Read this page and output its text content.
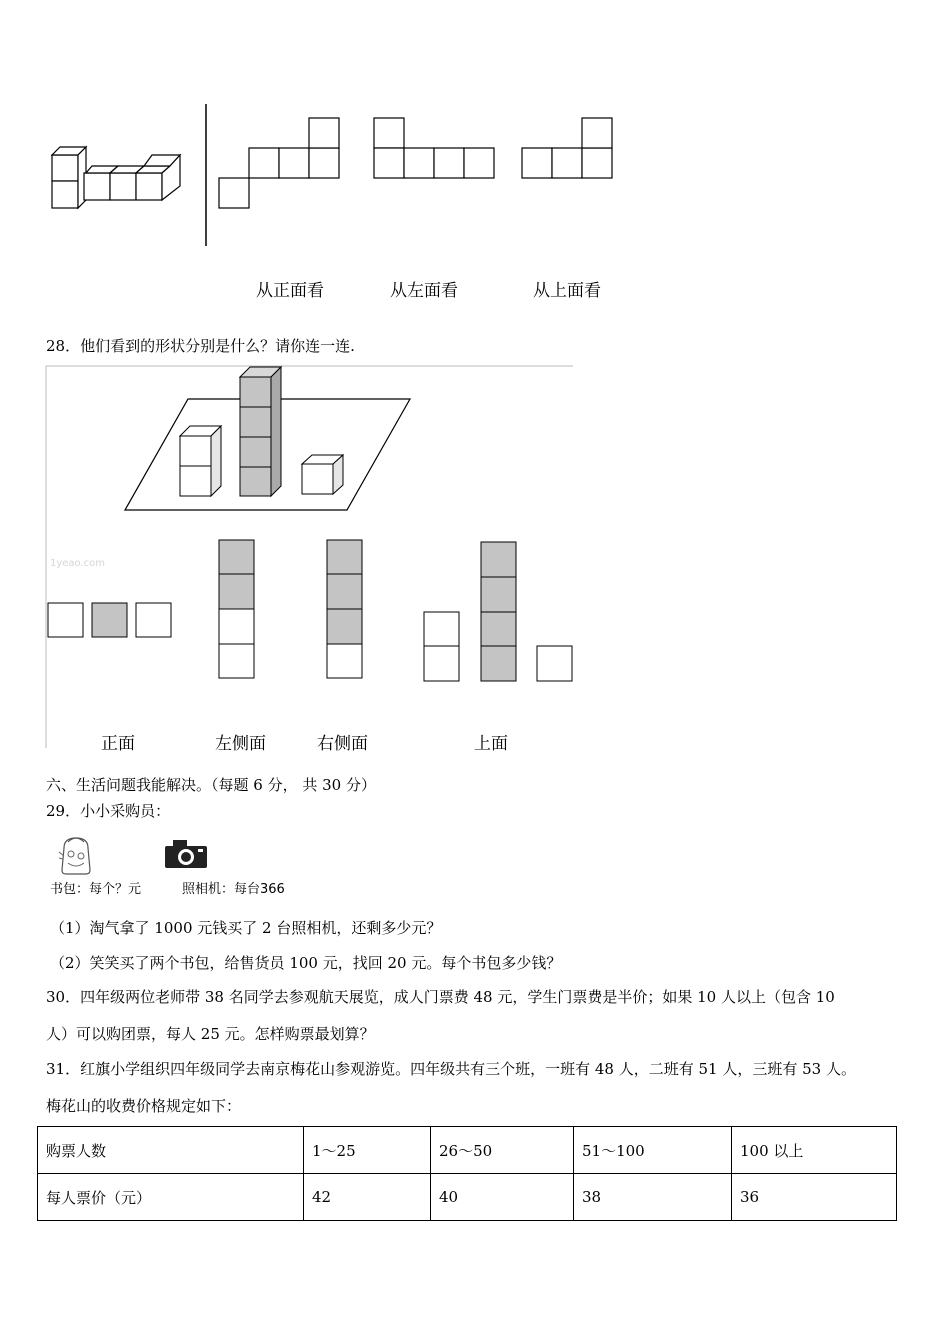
从正面看	从左面看	从上面看
28．他们看到的形状分别是什么？请你连一连.
1yeao.com
正面	左侧面	右侧面	上面
六、生活问题我能解决。（每题 6 分， 共 30 分）
29．小小采购员：
书包：每个？元	照相机：每台366
（1）淘气拿了 1000 元钱买了 2 台照相机，还剩多少元？
（2）笑笑买了两个书包，给售货员 100 元，找回 20 元。每个书包多少钱？
30．四年级两位老师带 38 名同学去参观航天展览，成人门票费 48 元，学生门票费是半价；如果 10 人以上（包含 10
人）可以购团票，每人 25 元。怎样购票最划算？
31．红旗小学组织四年级同学去南京梅花山参观游览。四年级共有三个班，一班有 48 人，二班有 51 人，三班有 53 人。
梅花山的收费价格规定如下：
购票人数	1～25	26～50	51～100	100 以上
每人票价（元）	42	40	38	36
